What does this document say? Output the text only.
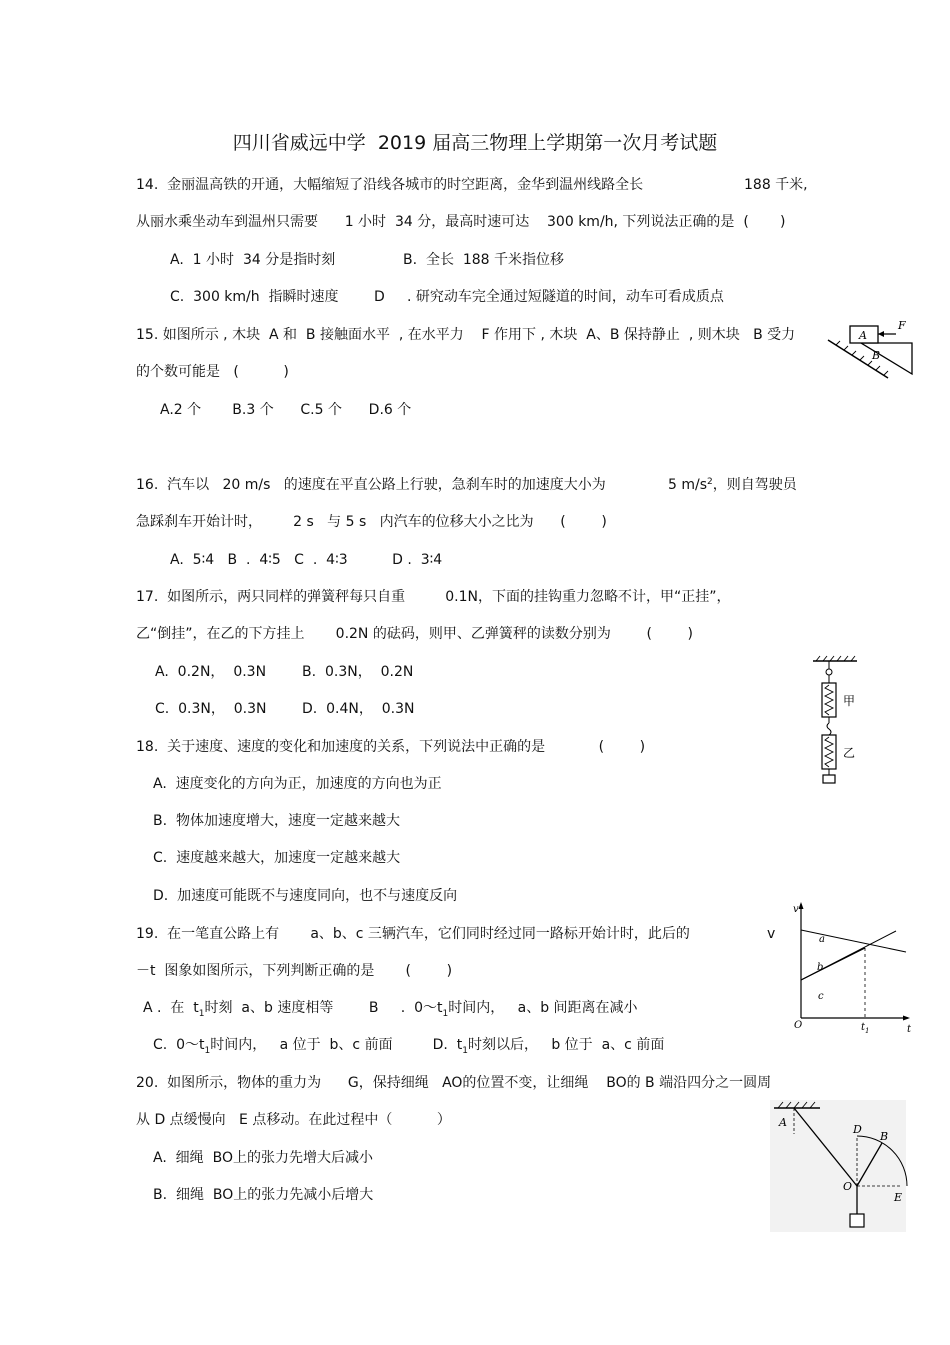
四川省威远中学  2019 届高三物理上学期第一次月考试题
14.  金丽温高铁的开通，大幅缩短了沿线各城市的时空距离，金华到温州线路全长	188 千米,
从丽水乘坐动车到温州只需要      1 小时  34 分，最高时速可达    300 km/h, 下列说法正确的是  (       )
A.  1 小时  34 分是指时刻	B.  全长  188 千米指位移
C.  300 km/h  指瞬时速度	D     . 研究动车完全通过短隧道的时间，动车可看成质点
15. 如图所示 , 木块  A 和  B 接触面水平  , 在水平力    F 作用下 , 木块  A、B 保持静止  , 则木块   B 受力
的个数可能是   (          )
A.2 个       B.3 个      C.5 个      D.6 个
A
B
F
16.  汽车以   20 m/s   的速度在平直公路上行驶，急刹车时的加速度大小为	5 $m/s^2$，则自驾驶员
急踩刹车开始计时，       2 s   与 5 s   内汽车的位移大小之比为      (        )
A.  5∶4   B  .  4∶5   C  .  4∶3          D .  3∶4
17.  如图所示，两只同样的弹簧秤每只自重         0.1N，下面的挂钩重力忽略不计，甲“正挂”，
乙“倒挂”，在乙的下方挂上       0.2N 的砝码，则甲、乙弹簧秤的读数分别为        (        )
A.  0.2N，  0.3N	B.  0.3N，  0.2N
C.  0.3N，  0.3N	D.  0.4N，  0.3N	甲
乙
18.  关于速度、速度的变化和加速度的关系，下列说法中正确的是            (        )
A.  速度变化的方向为正，加速度的方向也为正
B.  物体加速度增大，速度一定越来越大
C.  速度越来越大，加速度一定越来越大
D.  加速度可能既不与速度同向，也不与速度反向
19.  在一笔直公路上有       a、b、c 三辆汽车，它们同时经过同一路标开始计时，此后的	v
－t  图象如图所示，下列判断正确的是       (        )
A .  在  $t_1$时刻  a、b 速度相等        B     .  $0\sim t_1$时间内，   a、b 间距离在减小
C.  $0\sim t_1$时间内，   a 位于  b、c 前面         D.  $t_1$时刻以后，   b 位于  a、c 前面
v
t
O
a
b
c
$t_1$
20.  如图所示，物体的重力为      G，保持细绳   AO的位置不变，让细绳    BO的 B 端沿四分之一圆周
从 D 点缓慢向   E 点移动。在此过程中（          ）
A.  细绳  BO上的张力先增大后减小
B.  细绳  BO上的张力先减小后增大
A
D
B
O
E
